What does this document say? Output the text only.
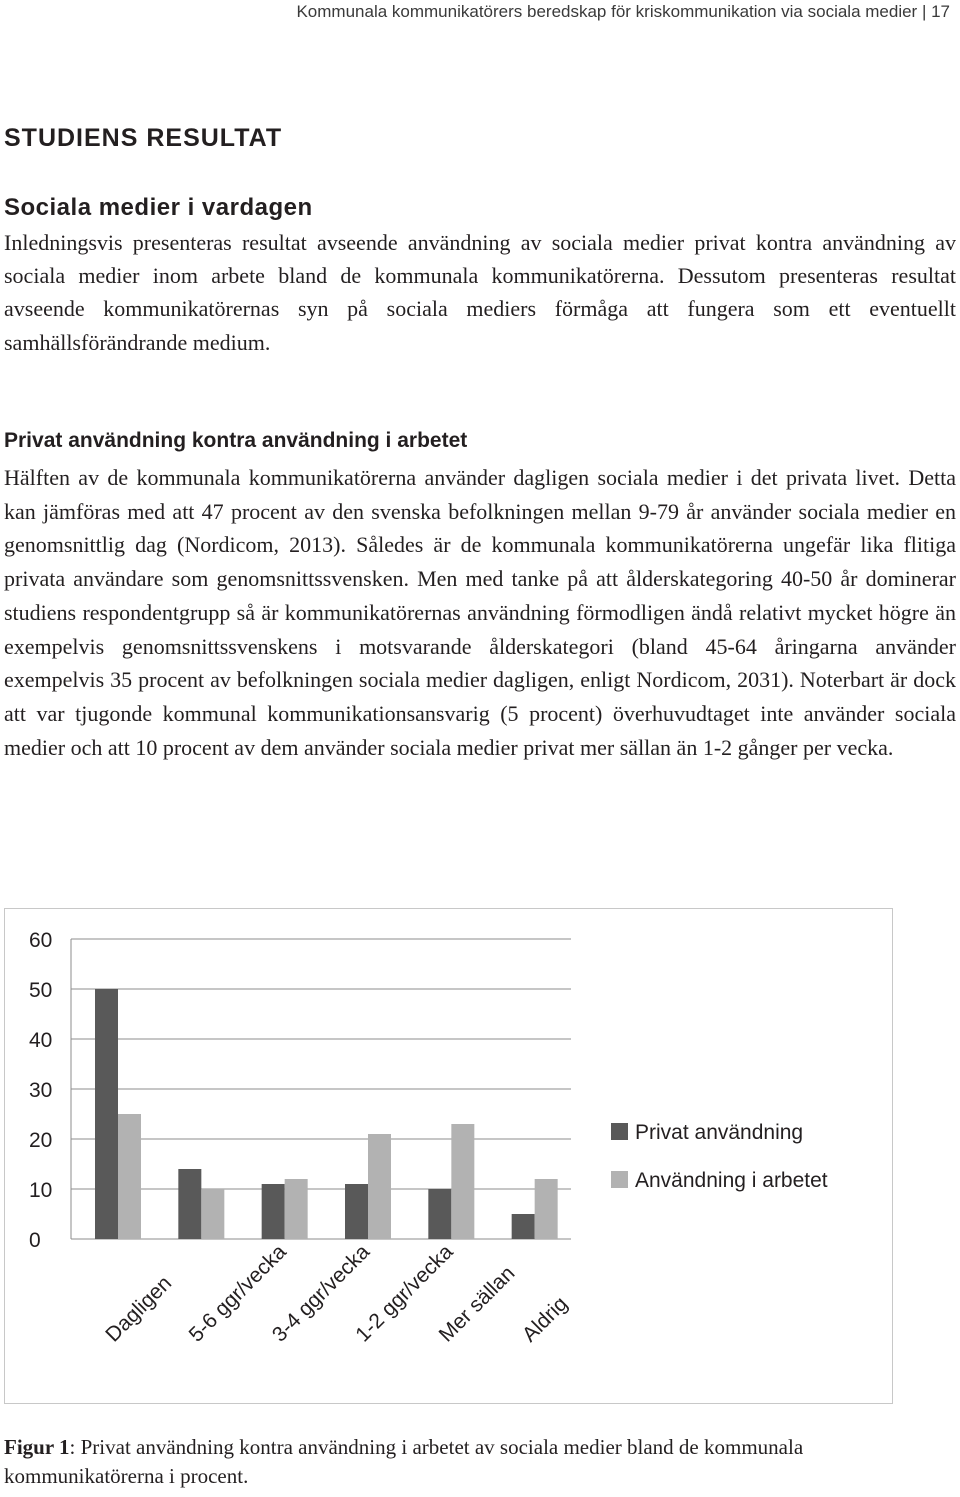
Kommunala kommunikatörers beredskap för kriskommunikation via sociala medier | 17
STUDIENS RESULTAT
Sociala medier i vardagen

Inledningsvis presenteras resultat avseende användning av sociala medier privat kontra användning av sociala medier inom arbete bland de kommunala kommunikatörerna. Dessutom presenteras resultat avseende kommunikatörernas syn på sociala mediers förmåga att fungera som ett eventuellt samhällsförändrande medium.

Privat användning kontra användning i arbetet

Hälften av de kommunala kommunikatörerna använder dagligen sociala medier i det privata livet. Detta kan jämföras med att 47 procent av den svenska befolkningen mellan 9-79 år använder sociala medier en genomsnittlig dag (Nordicom, 2013). Således är de kommunala kommunikatörerna ungefär lika flitiga privata användare som genomsnittssvensken. Men med tanke på att ålderskategoring 40-50 år dominerar studiens respondentgrupp så är kommunikatörernas användning förmodligen ändå relativt mycket högre än exempelvis genomsnittssvenskens i motsvarande ålderskategori (bland 45-64 åringarna använder exempelvis 35 procent av befolkningen sociala medier dagligen, enligt Nordicom, 2031). Noterbart är dock att var tjugonde kommunal kommunikationsansvarig (5 procent) överhuvudtaget inte använder sociala medier och att 10 procent av dem använder sociala medier privat mer sällan än 1-2 gånger per vecka.

0
10
20
30
40
50
60
Dagligen 5-6 ggr/vecka
3-4 ggr/vecka
1-2 ggr/vecka
Mer sällan
Aldrig
Privat användning
Användning i arbetet

Figur 1: Privat användning kontra användning i arbetet av sociala medier bland de kommunala kommunikatörerna i procent.
